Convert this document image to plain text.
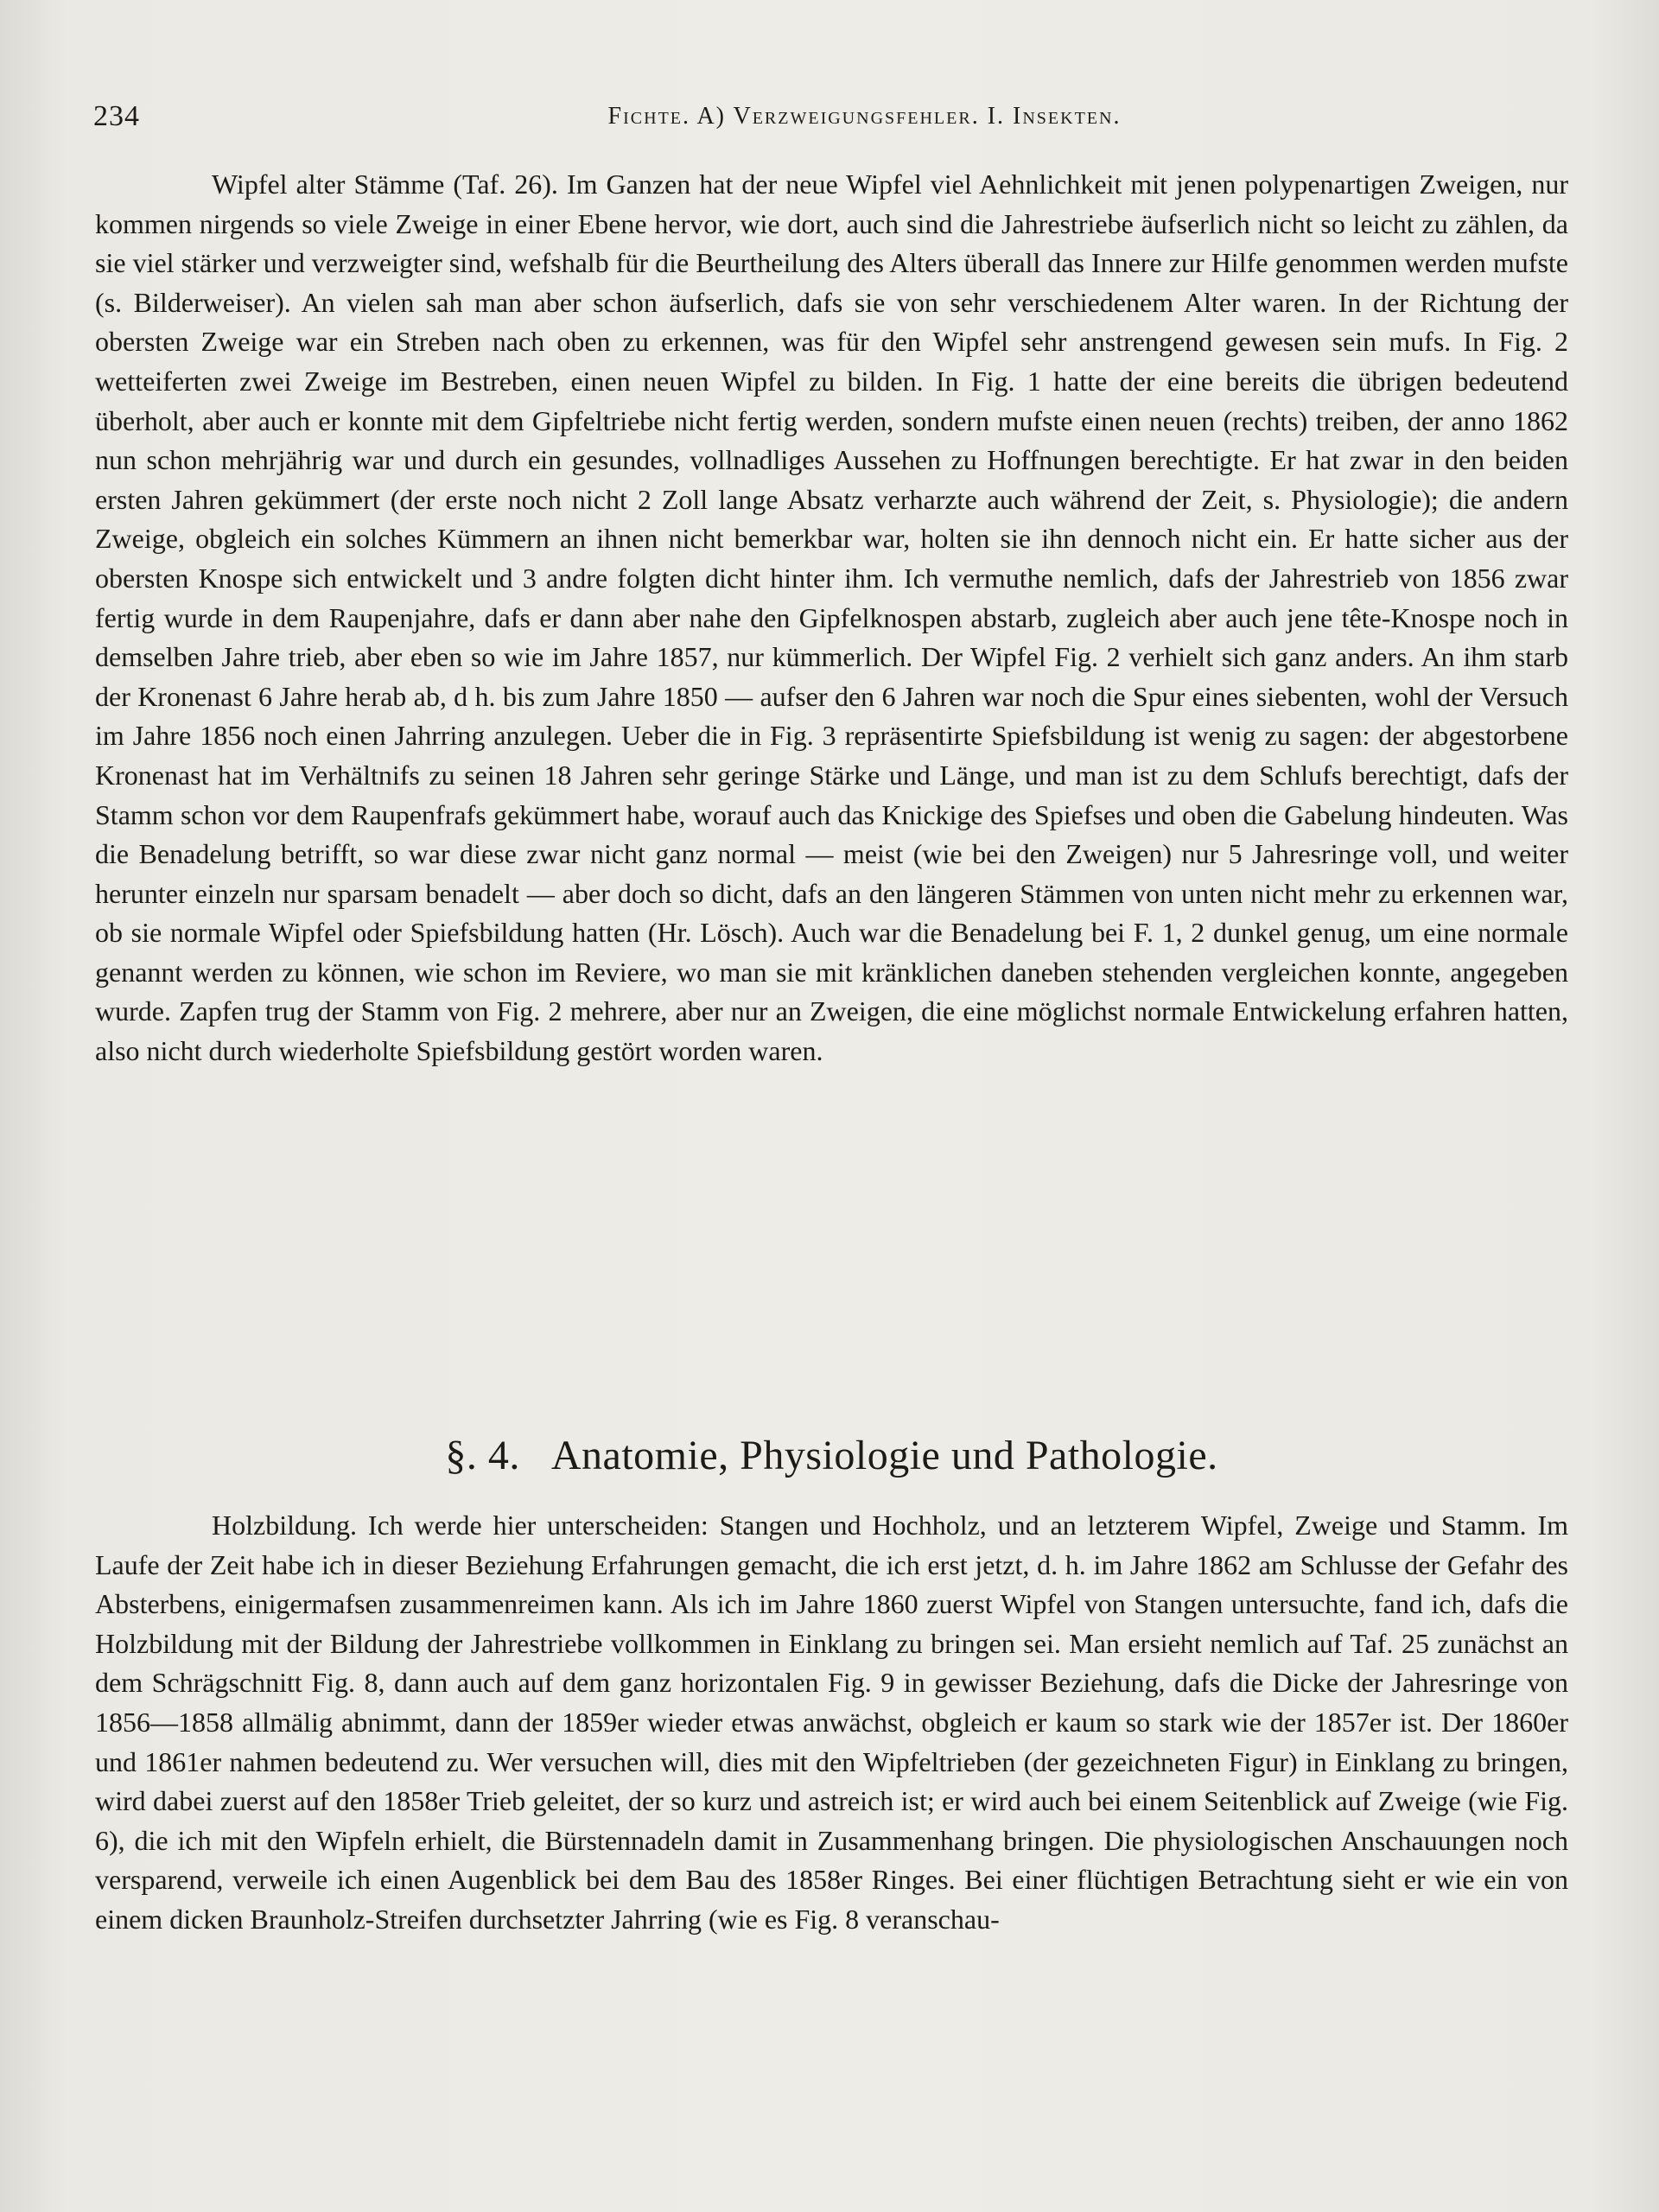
234	Fichte. A) Verzweigungsfehler. I. Insekten.

Wipfel alter Stämme (Taf. 26). Im Ganzen hat der neue Wipfel viel Aehnlichkeit mit jenen polypenartigen Zweigen, nur kommen nirgends so viele Zweige in einer Ebene hervor, wie dort, auch sind die Jahrestriebe äufserlich nicht so leicht zu zählen, da sie viel stärker und verzweigter sind, wefshalb für die Beurtheilung des Alters überall das Innere zur Hilfe genommen werden mufste (s. Bilderweiser). An vielen sah man aber schon äufserlich, dafs sie von sehr verschiedenem Alter waren. In der Richtung der obersten Zweige war ein Streben nach oben zu erkennen, was für den Wipfel sehr anstrengend gewesen sein mufs. In Fig. 2 wetteiferten zwei Zweige im Bestreben, einen neuen Wipfel zu bilden. In Fig. 1 hatte der eine bereits die übrigen bedeutend überholt, aber auch er konnte mit dem Gipfeltriebe nicht fertig werden, sondern mufste einen neuen (rechts) treiben, der anno 1862 nun schon mehrjährig war und durch ein gesundes, vollnadliges Aussehen zu Hoffnungen berechtigte. Er hat zwar in den beiden ersten Jahren gekümmert (der erste noch nicht 2 Zoll lange Absatz verharzte auch während der Zeit, s. Physiologie); die andern Zweige, obgleich ein solches Kümmern an ihnen nicht bemerkbar war, holten sie ihn dennoch nicht ein. Er hatte sicher aus der obersten Knospe sich entwickelt und 3 andre folgten dicht hinter ihm. Ich vermuthe nemlich, dafs der Jahrestrieb von 1856 zwar fertig wurde in dem Raupenjahre, dafs er dann aber nahe den Gipfelknospen abstarb, zugleich aber auch jene tête-Knospe noch in demselben Jahre trieb, aber eben so wie im Jahre 1857, nur kümmerlich. Der Wipfel Fig. 2 verhielt sich ganz anders. An ihm starb der Kronenast 6 Jahre herab ab, d h. bis zum Jahre 1850 — aufser den 6 Jahren war noch die Spur eines siebenten, wohl der Versuch im Jahre 1856 noch einen Jahrring anzulegen. Ueber die in Fig. 3 repräsentirte Spiefsbildung ist wenig zu sagen: der abgestorbene Kronenast hat im Verhältnifs zu seinen 18 Jahren sehr geringe Stärke und Länge, und man ist zu dem Schlufs berechtigt, dafs der Stamm schon vor dem Raupenfrafs gekümmert habe, worauf auch das Knickige des Spiefses und oben die Gabelung hindeuten. Was die Benadelung betrifft, so war diese zwar nicht ganz normal — meist (wie bei den Zweigen) nur 5 Jahresringe voll, und weiter herunter einzeln nur sparsam benadelt — aber doch so dicht, dafs an den längeren Stämmen von unten nicht mehr zu erkennen war, ob sie normale Wipfel oder Spiefsbildung hatten (Hr. Lösch). Auch war die Benadelung bei F. 1, 2 dunkel genug, um eine normale genannt werden zu können, wie schon im Reviere, wo man sie mit kränklichen daneben stehenden vergleichen konnte, angegeben wurde. Zapfen trug der Stamm von Fig. 2 mehrere, aber nur an Zweigen, die eine möglichst normale Entwickelung erfahren hatten, also nicht durch wiederholte Spiefsbildung gestört worden waren.

§. 4. Anatomie, Physiologie und Pathologie.

Holzbildung. Ich werde hier unterscheiden: Stangen und Hochholz, und an letzterem Wipfel, Zweige und Stamm. Im Laufe der Zeit habe ich in dieser Beziehung Erfahrungen gemacht, die ich erst jetzt, d. h. im Jahre 1862 am Schlusse der Gefahr des Absterbens, einigermafsen zusammenreimen kann. Als ich im Jahre 1860 zuerst Wipfel von Stangen untersuchte, fand ich, dafs die Holzbildung mit der Bildung der Jahrestriebe vollkommen in Einklang zu bringen sei. Man ersieht nemlich auf Taf. 25 zunächst an dem Schrägschnitt Fig. 8, dann auch auf dem ganz horizontalen Fig. 9 in gewisser Beziehung, dafs die Dicke der Jahresringe von 1856—1858 allmälig abnimmt, dann der 1859er wieder etwas anwächst, obgleich er kaum so stark wie der 1857er ist. Der 1860er und 1861er nahmen bedeutend zu. Wer versuchen will, dies mit den Wipfeltrieben (der gezeichneten Figur) in Einklang zu bringen, wird dabei zuerst auf den 1858er Trieb geleitet, der so kurz und astreich ist; er wird auch bei einem Seitenblick auf Zweige (wie Fig. 6), die ich mit den Wipfeln erhielt, die Bürstennadeln damit in Zusammenhang bringen. Die physiologischen Anschauungen noch versparend, verweile ich einen Augenblick bei dem Bau des 1858er Ringes. Bei einer flüchtigen Betrachtung sieht er wie ein von einem dicken Braunholz-Streifen durchsetzter Jahrring (wie es Fig. 8 veranschau-
